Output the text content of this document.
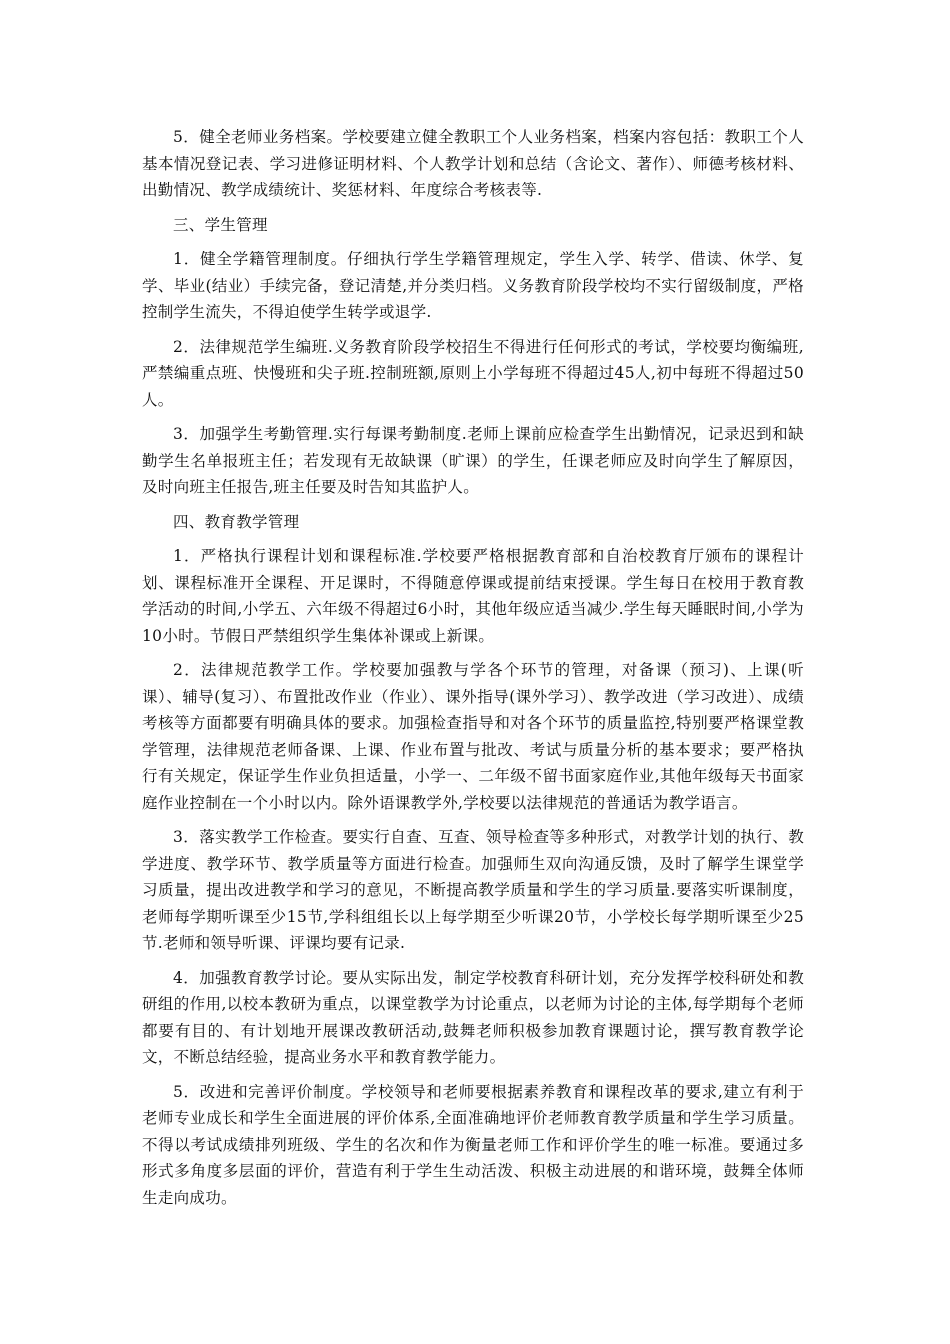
5．健全老师业务档案。学校要建立健全教职工个人业务档案，档案内容包括：教职工个人基本情况登记表、学习进修证明材料、个人教学计划和总结（含论文、著作）、师德考核材料、出勤情况、教学成绩统计、奖惩材料、年度综合考核表等.

三、学生管理

1．健全学籍管理制度。仔细执行学生学籍管理规定，学生入学、转学、借读、休学、复学、毕业(结业）手续完备，登记清楚,并分类归档。义务教育阶段学校均不实行留级制度，严格控制学生流失，不得迫使学生转学或退学.

2．法律规范学生编班.义务教育阶段学校招生不得进行任何形式的考试，学校要均衡编班,严禁编重点班、快慢班和尖子班.控制班额,原则上小学每班不得超过45人,初中每班不得超过50人。

3．加强学生考勤管理.实行每课考勤制度.老师上课前应检查学生出勤情况，记录迟到和缺勤学生名单报班主任；若发现有无故缺课（旷课）的学生，任课老师应及时向学生了解原因，及时向班主任报告,班主任要及时告知其监护人。

四、教育教学管理

1．严格执行课程计划和课程标准.学校要严格根据教育部和自治校教育厅颁布的课程计划、课程标准开全课程、开足课时，不得随意停课或提前结束授课。学生每日在校用于教育教学活动的时间,小学五、六年级不得超过6小时，其他年级应适当减少.学生每天睡眠时间,小学为10小时。节假日严禁组织学生集体补课或上新课。

2．法律规范教学工作。学校要加强教与学各个环节的管理，对备课（预习)、上课(听课）、辅导(复习）、布置批改作业（作业）、课外指导(课外学习）、教学改进（学习改进）、成绩考核等方面都要有明确具体的要求。加强检查指导和对各个环节的质量监控,特别要严格课堂教学管理，法律规范老师备课、上课、作业布置与批改、考试与质量分析的基本要求；要严格执行有关规定，保证学生作业负担适量，小学一、二年级不留书面家庭作业,其他年级每天书面家庭作业控制在一个小时以内。除外语课教学外,学校要以法律规范的普通话为教学语言。

3．落实教学工作检查。要实行自查、互查、领导检查等多种形式，对教学计划的执行、教学进度、教学环节、教学质量等方面进行检查。加强师生双向沟通反馈，及时了解学生课堂学习质量，提出改进教学和学习的意见，不断提高教学质量和学生的学习质量.要落实听课制度，老师每学期听课至少15节,学科组组长以上每学期至少听课20节，小学校长每学期听课至少25节.老师和领导听课、评课均要有记录.

4．加强教育教学讨论。要从实际出发，制定学校教育科研计划，充分发挥学校科研处和教研组的作用,以校本教研为重点，以课堂教学为讨论重点，以老师为讨论的主体,每学期每个老师都要有目的、有计划地开展课改教研活动,鼓舞老师积极参加教育课题讨论，撰写教育教学论文，不断总结经验，提高业务水平和教育教学能力。

5．改进和完善评价制度。学校领导和老师要根据素养教育和课程改革的要求,建立有利于老师专业成长和学生全面进展的评价体系,全面准确地评价老师教育教学质量和学生学习质量。不得以考试成绩排列班级、学生的名次和作为衡量老师工作和评价学生的唯一标准。要通过多形式多角度多层面的评价，营造有利于学生生动活泼、积极主动进展的和谐环境，鼓舞全体师生走向成功。
